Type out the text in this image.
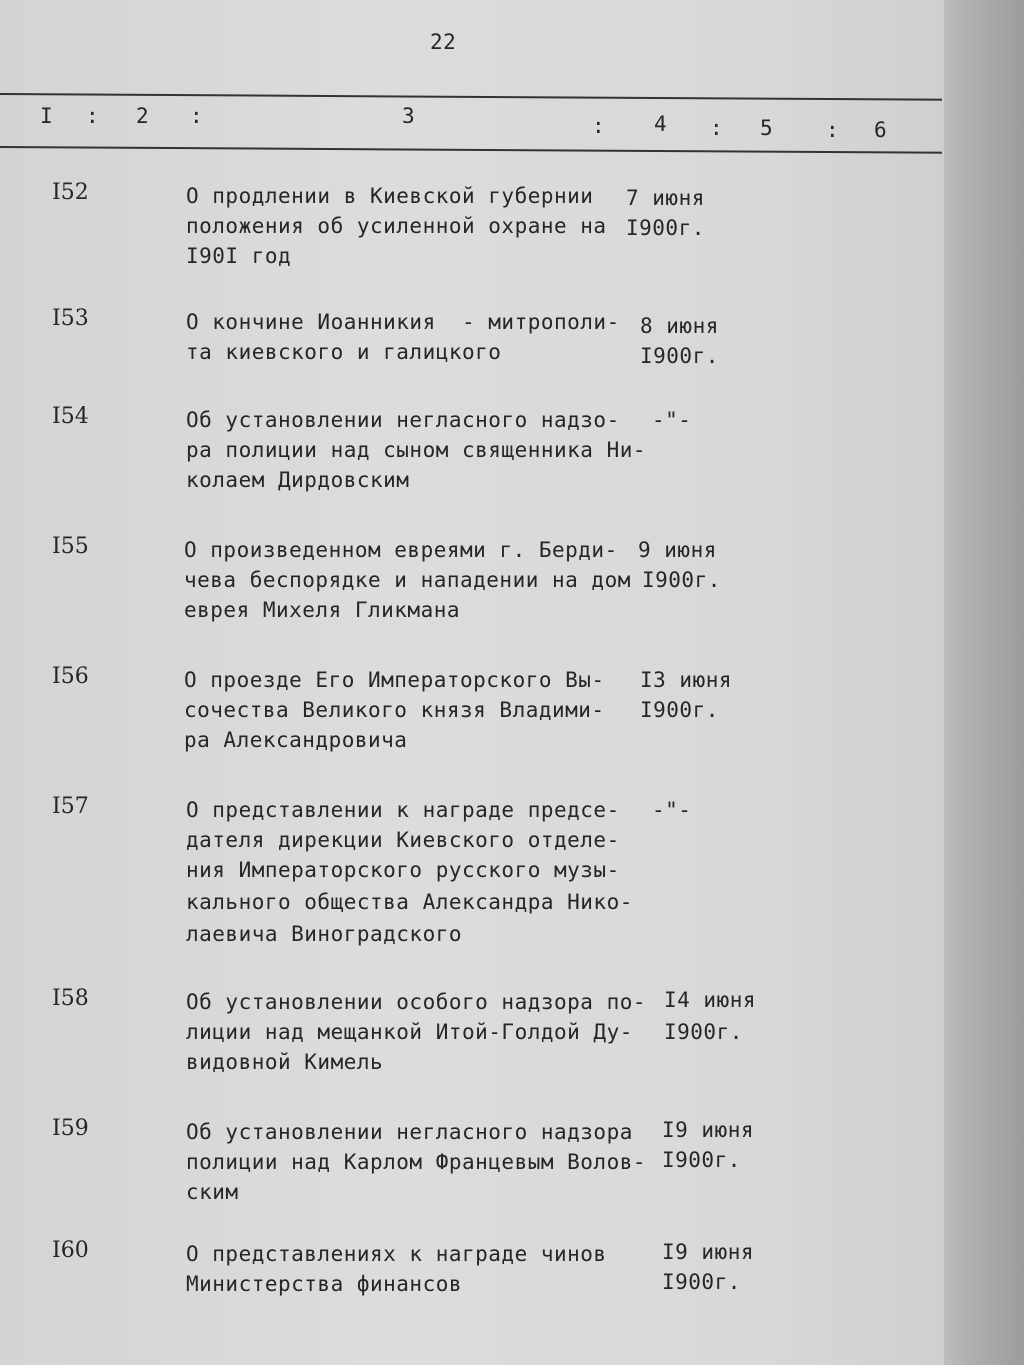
22
I : 2 :	3	: 4 : 5	: 6
I52	О продлении в Киевской губернии
положения об усиленной охране на
I90I год
7 июня
I900г.
I53	О кончине Иоанникия  - митрополи-
та киевского и галицкого
8 июня
I900г.
I54	Об установлении негласного надзо-
ра полиции над сыном священника Ни-
колаем Дирдовским
-"-
I55	О произведенном евреями г. Берди-
чева беспорядке и нападении на дом
еврея Михеля Гликмана
9 июня
I900г.
I56	О проезде Его Императорского Вы-
сочества Великого князя Владими-
ра Александровича
I3 июня
I900г.
I57	О представлении к награде предсе-
дателя дирекции Киевского отделе-
ния Императорского русского музы-
кального общества Александра Нико-
лаевича Виноградского
-"-
I58	Об установлении особого надзора по-
лиции над мещанкой Итой-Голдой Ду-
видовной Кимель
I4 июня
I900г.
I59	Об установлении негласного надзора
полиции над Карлом Францевым Волов-
ским
I9 июня
I900г.
I60	О представлениях к награде чинов
Министерства финансов
I9 июня
I900г.
